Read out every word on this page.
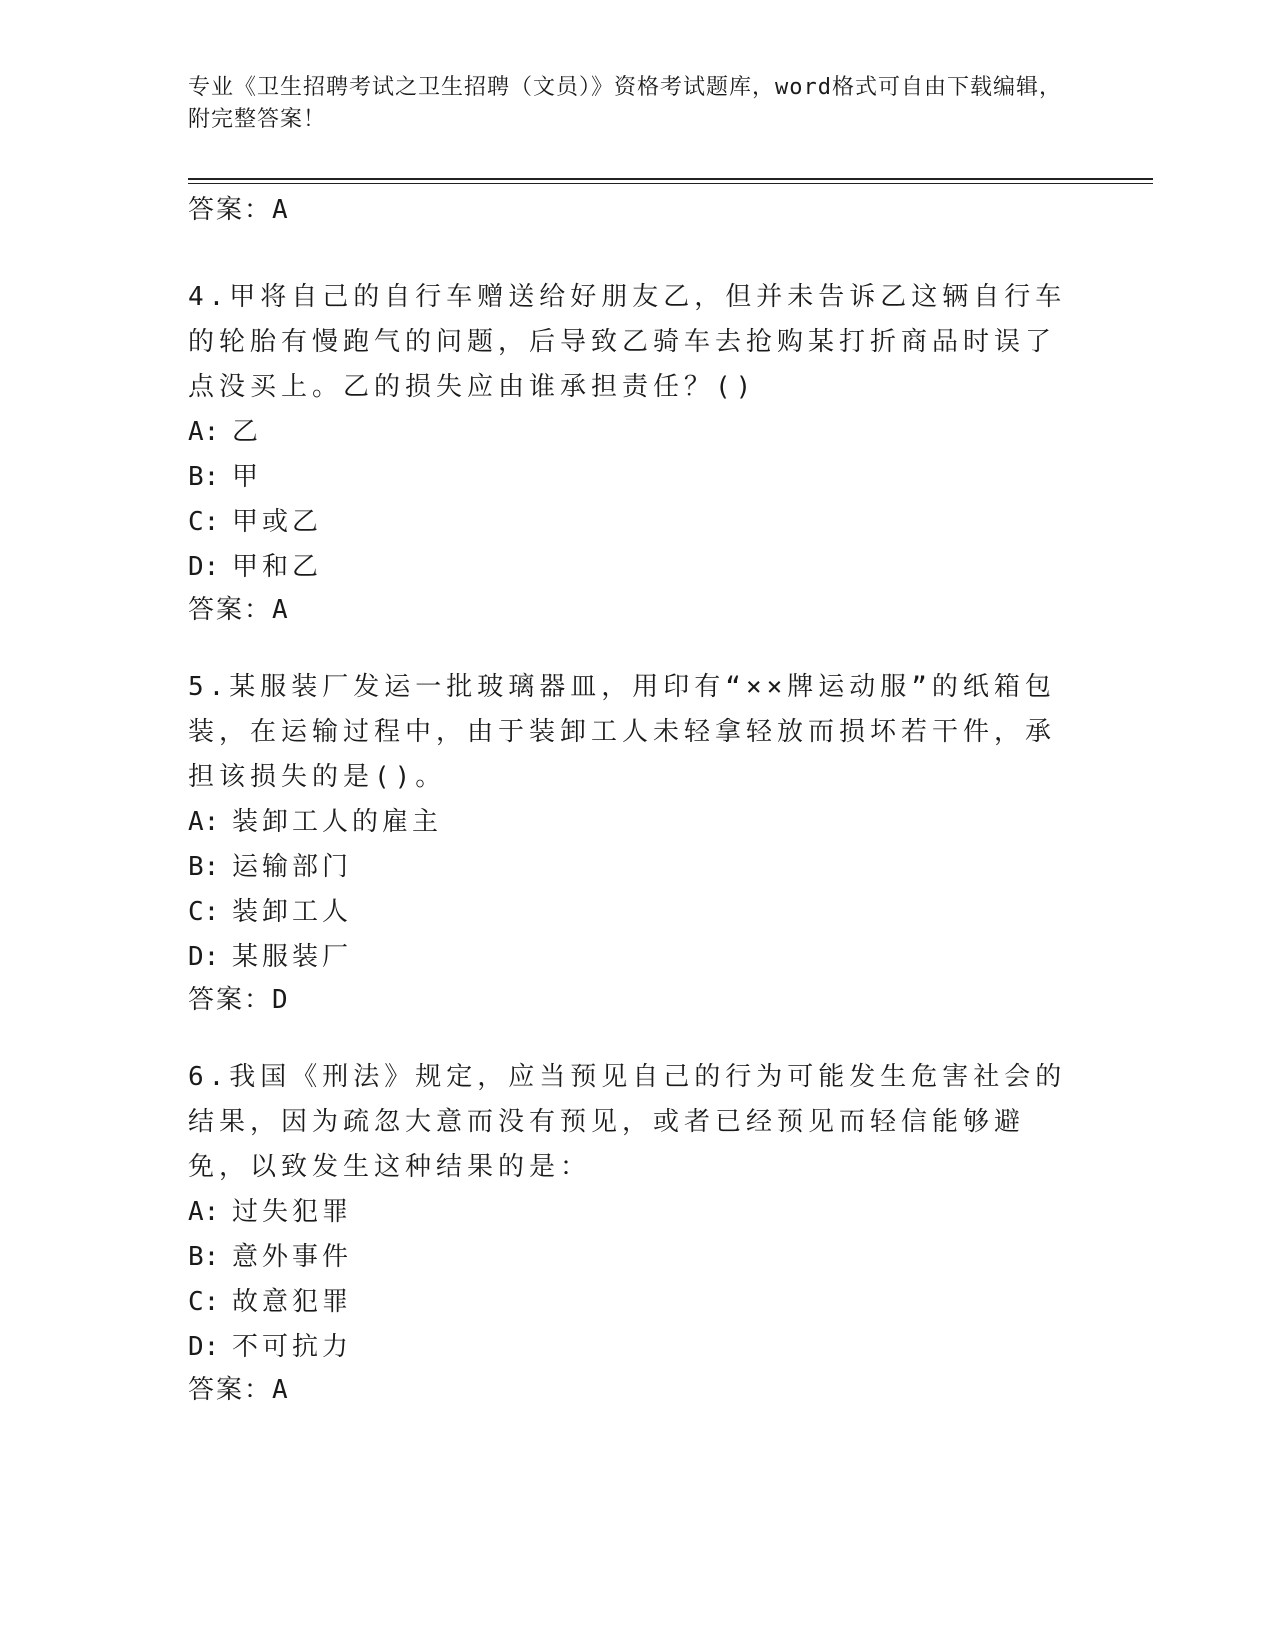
专业《卫生招聘考试之卫生招聘（文员）》资格考试题库，word格式可自由下载编辑，附完整答案！
答案：A
4.甲将自己的自行车赠送给好朋友乙，但并未告诉乙这辆自行车的轮胎有慢跑气的问题，后导致乙骑车去抢购某打折商品时误了点没买上。乙的损失应由谁承担责任？()
A: 乙
B: 甲
C: 甲或乙
D: 甲和乙
答案：A
5.某服装厂发运一批玻璃器皿，用印有“××牌运动服”的纸箱包装，在运输过程中，由于装卸工人未轻拿轻放而损坏若干件，承担该损失的是()。
A: 装卸工人的雇主
B: 运输部门
C: 装卸工人
D: 某服装厂
答案：D
6.我国《刑法》规定，应当预见自己的行为可能发生危害社会的结果，因为疏忽大意而没有预见，或者已经预见而轻信能够避免，以致发生这种结果的是：
A: 过失犯罪
B: 意外事件
C: 故意犯罪
D: 不可抗力
答案：A
